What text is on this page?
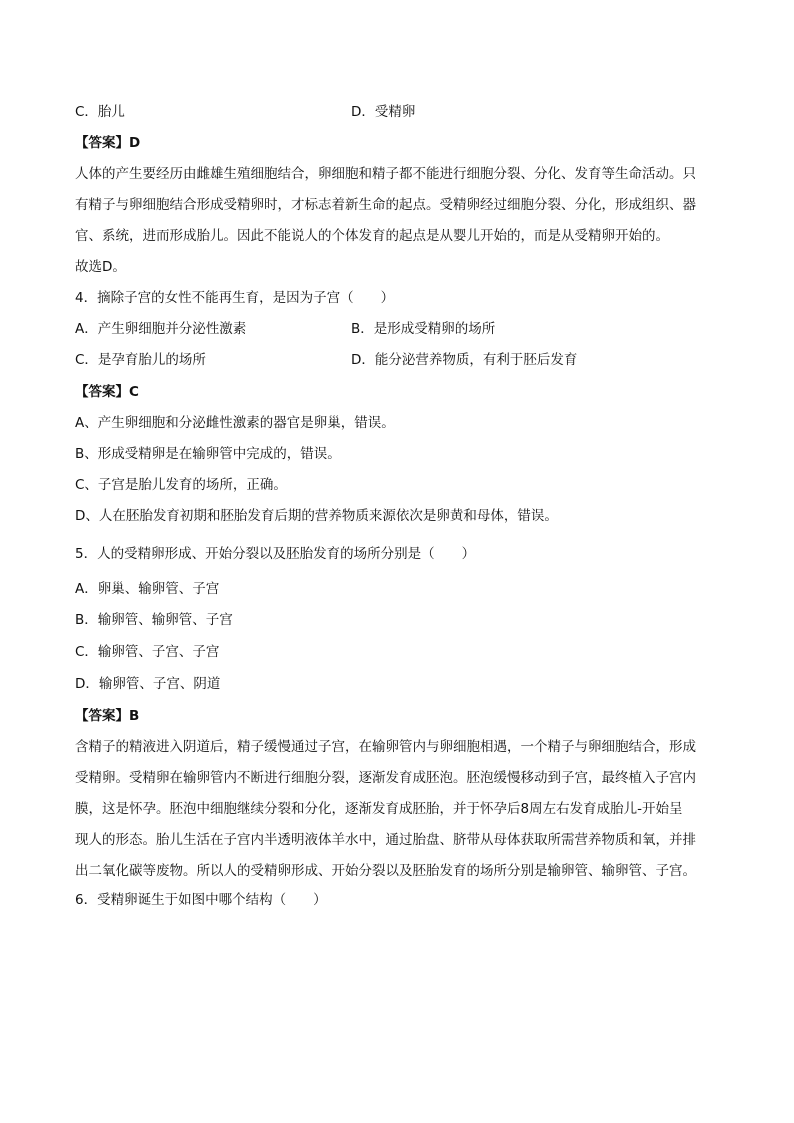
C．胎儿	D．受精卵
【答案】D
人体的产生要经历由雌雄生殖细胞结合，卵细胞和精子都不能进行细胞分裂、分化、发育等生命活动。只
有精子与卵细胞结合形成受精卵时，才标志着新生命的起点。受精卵经过细胞分裂、分化，形成组织、器
官、系统，进而形成胎儿。因此不能说人的个体发育的起点是从婴儿开始的，而是从受精卵开始的。
故选D。
4．摘除子宫的女性不能再生育，是因为子宫（　　）
A．产生卵细胞并分泌性激素	B．是形成受精卵的场所
C．是孕育胎儿的场所	D．能分泌营养物质，有利于胚后发育
【答案】C
A、产生卵细胞和分泌雌性激素的器官是卵巢，错误。
B、形成受精卵是在输卵管中完成的，错误。
C、子宫是胎儿发育的场所，正确。
D、人在胚胎发育初期和胚胎发育后期的营养物质来源依次是卵黄和母体，错误。
5．人的受精卵形成、开始分裂以及胚胎发育的场所分别是（　　）
A．卵巢、输卵管、子宫
B．输卵管、输卵管、子宫
C．输卵管、子宫、子宫
D．输卵管、子宫、阴道
【答案】B
含精子的精液进入阴道后，精子缓慢通过子宫，在输卵管内与卵细胞相遇，一个精子与卵细胞结合，形成
受精卵。受精卵在输卵管内不断进行细胞分裂，逐渐发育成胚泡。胚泡缓慢移动到子宫，最终植入子宫内
膜，这是怀孕。胚泡中细胞继续分裂和分化，逐渐发育成胚胎，并于怀孕后8周左右发育成胎儿-开始呈
现人的形态。胎儿生活在子宫内半透明液体羊水中，通过胎盘、脐带从母体获取所需营养物质和氧，并排
出二氧化碳等废物。所以人的受精卵形成、开始分裂以及胚胎发育的场所分别是输卵管、输卵管、子宫。
6．受精卵诞生于如图中哪个结构（　　）
